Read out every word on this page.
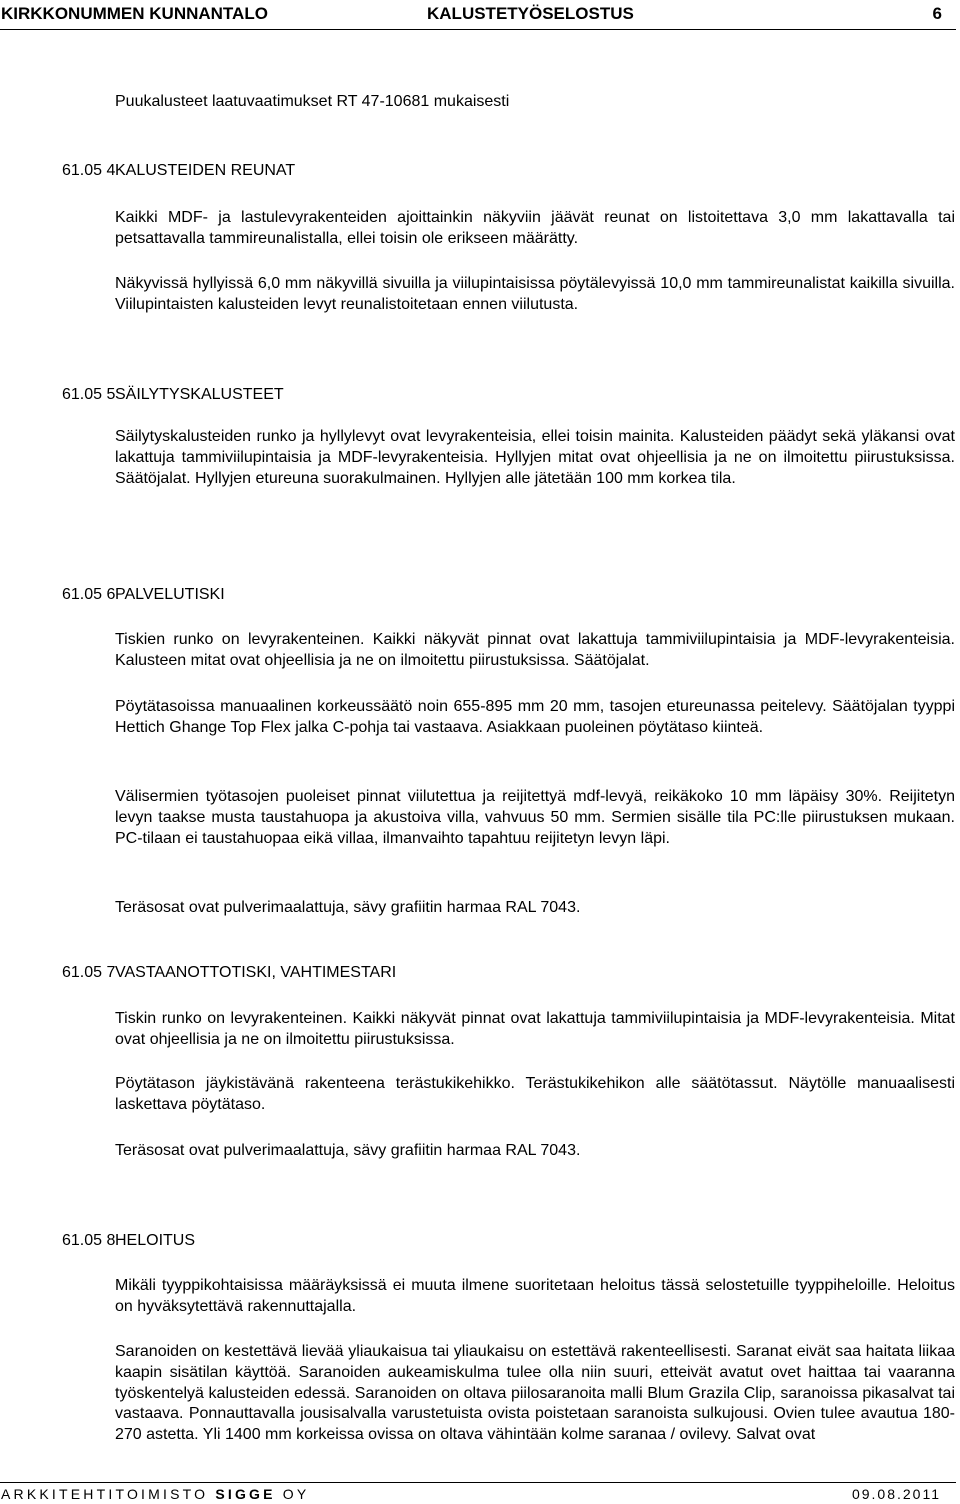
KIRKKONUMMEN KUNNANTALO	KALUSTETYÖSELOSTUS	6
Puukalusteet laatuvaatimukset RT 47-10681 mukaisesti
61.05 4 KALUSTEIDEN REUNAT
Kaikki MDF- ja lastulevyrakenteiden ajoittainkin näkyviin jäävät reunat on listoitettava 3,0 mm lakattavalla tai petsattavalla tammireunalistalla, ellei toisin ole erikseen määrätty.
Näkyvissä hyllyissä 6,0 mm näkyvillä sivuilla ja viilupintaisissa pöytälevyissä 10,0 mm tammireunalistat kaikilla sivuilla. Viilupintaisten kalusteiden levyt reunalistoitetaan ennen viilutusta.
61.05 5 SÄILYTYSKALUSTEET
Säilytyskalusteiden runko ja hyllylevyt ovat levyrakenteisia, ellei toisin mainita. Kalusteiden päädyt sekä yläkansi ovat lakattuja tammiviilupintaisia ja MDF-levyrakenteisia. Hyllyjen mitat ovat ohjeellisia ja ne on ilmoitettu piirustuksissa. Säätöjalat. Hyllyjen etureuna suorakulmainen. Hyllyjen alle jätetään 100 mm korkea tila.
61.05 6 PALVELUTISKI
Tiskien runko on levyrakenteinen. Kaikki näkyvät pinnat ovat lakattuja tammiviilupintaisia ja MDF-levyrakenteisia. Kalusteen mitat ovat ohjeellisia ja ne on ilmoitettu piirustuksissa. Säätöjalat.
Pöytätasoissa manuaalinen korkeussäätö noin 655-895 mm 20 mm, tasojen etureunassa peitelevy. Säätöjalan tyyppi Hettich Ghange Top Flex jalka C-pohja tai vastaava. Asiakkaan puoleinen pöytätaso kiinteä.
Välisermien työtasojen puoleiset pinnat viilutettua ja reijitettyä mdf-levyä, reikäkoko 10 mm läpäisy 30%. Reijitetyn levyn taakse musta taustahuopa ja akustoiva villa, vahvuus 50 mm. Sermien sisälle tila PC:lle piirustuksen mukaan. PC-tilaan ei taustahuopaa eikä villaa, ilmanvaihto tapahtuu reijitetyn levyn läpi.
Teräsosat ovat pulverimaalattuja, sävy grafiitin harmaa RAL 7043.
61.05 7 VASTAANOTTOTISKI, VAHTIMESTARI
Tiskin runko on levyrakenteinen. Kaikki näkyvät pinnat ovat lakattuja tammiviilupintaisia ja MDF-levyrakenteisia. Mitat ovat ohjeellisia ja ne on ilmoitettu piirustuksissa.
Pöytätason jäykistävänä rakenteena terästukikehikko. Terästukikehikon alle säätötassut. Näytölle manuaalisesti laskettava pöytätaso.
Teräsosat ovat pulverimaalattuja, sävy grafiitin harmaa RAL 7043.
61.05 8 HELOITUS
Mikäli tyyppikohtaisissa määräyksissä ei muuta ilmene suoritetaan heloitus tässä selostetuille tyyppiheloille. Heloitus on hyväksytettävä rakennuttajalla.
Saranoiden on kestettävä lievää yliaukaisua tai yliaukaisu on estettävä rakenteellisesti. Saranat eivät saa haitata liikaa kaapin sisätilan käyttöä. Saranoiden aukeamiskulma tulee olla niin suuri, etteivät avatut ovet haittaa tai vaaranna työskentelyä kalusteiden edessä. Saranoiden on oltava piilosaranoita malli Blum Grazila Clip, saranoissa pikasalvat tai vastaava. Ponnauttavalla jousisalvalla varustetuista ovista poistetaan saranoista sulkujousi. Ovien tulee avautua 180-270 astetta. Yli 1400 mm korkeissa ovissa on oltava vähintään kolme saranaa / ovilevy. Salvat ovat
ARKKITEHTITOIMISTO SIGGE OY	09.08.2011
